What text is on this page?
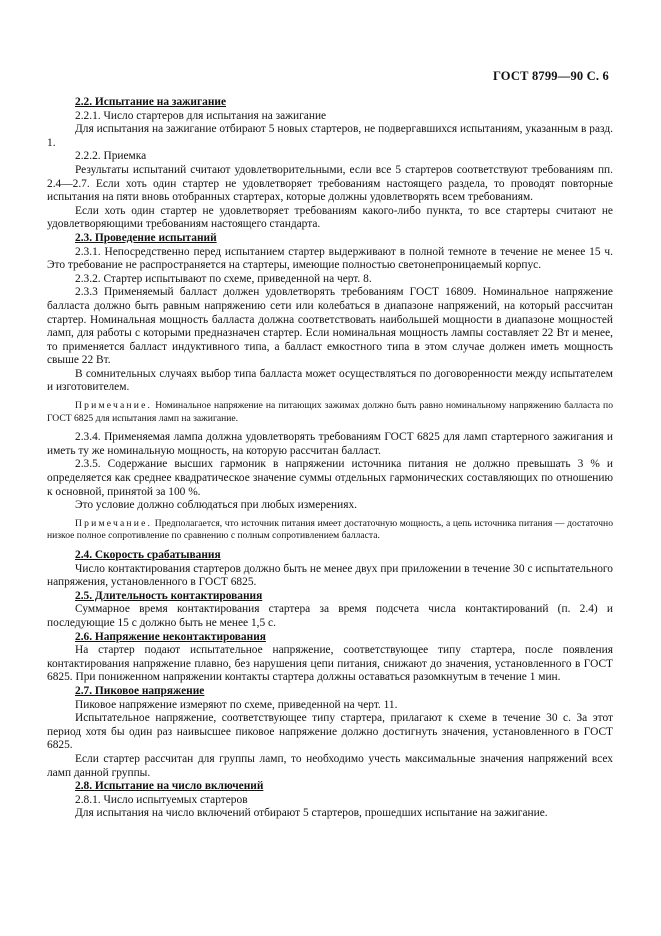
ГОСТ 8799—90 С. 6

2.2. Испытание на зажигание

2.2.1. Число стартеров для испытания на зажигание

Для испытания на зажигание отбирают 5 новых стартеров, не подвергавшихся испытаниям, указанным в разд. 1.

2.2.2. Приемка

Результаты испытаний считают удовлетворительными, если все 5 стартеров соответствуют требованиям пп. 2.4—2.7. Если хоть один стартер не удовлетворяет требованиям настоящего раздела, то проводят повторные испытания на пяти вновь отобранных стартерах, которые должны удовлетворять всем требованиям.

Если хоть один стартер не удовлетворяет требованиям какого-либо пункта, то все стартеры считают не удовлетворяющими требованиям настоящего стандарта.

2.3. Проведение испытаний

2.3.1. Непосредственно перед испытанием стартер выдерживают в полной темноте в течение не менее 15 ч. Это требование не распространяется на стартеры, имеющие полностью светонепроницаемый корпус.

2.3.2. Стартер испытывают по схеме, приведенной на черт. 8.

2.3.3 Применяемый балласт должен удовлетворять требованиям ГОСТ 16809. Номинальное напряжение балласта должно быть равным напряжению сети или колебаться в диапазоне напряжений, на который рассчитан стартер. Номинальная мощность балласта должна соответствовать наибольшей мощности в диапазоне мощностей ламп, для работы с которыми предназначен стартер. Если номинальная мощность лампы составляет 22 Вт и менее, то применяется балласт индуктивного типа, а балласт емкостного типа в этом случае должен иметь мощность свыше 22 Вт.

В сомнительных случаях выбор типа балласта может осуществляться по договоренности между испытателем и изготовителем.

Примечание. Номинальное напряжение на питающих зажимах должно быть равно номинальному напряжению балласта по ГОСТ 6825 для испытания ламп на зажигание.

2.3.4. Применяемая лампа должна удовлетворять требованиям ГОСТ 6825 для ламп стартерного зажигания и иметь ту же номинальную мощность, на которую рассчитан балласт.

2.3.5. Содержание высших гармоник в напряжении источника питания не должно превышать 3 % и определяется как среднее квадратическое значение суммы отдельных гармонических составляющих по отношению к основной, принятой за 100 %.

Это условие должно соблюдаться при любых измерениях.

Примечание. Предполагается, что источник питания имеет достаточную мощность, а цепь источника питания — достаточно низкое полное сопротивление по сравнению с полным сопротивлением балласта.

2.4. Скорость срабатывания

Число контактирования стартеров должно быть не менее двух при приложении в течение 30 с испытательного напряжения, установленного в ГОСТ 6825.

2.5. Длительность контактирования

Суммарное время контактирования стартера за время подсчета числа контактирований (п. 2.4) и последующие 15 с должно быть не менее 1,5 с.

2.6. Напряжение неконтактирования

На стартер подают испытательное напряжение, соответствующее типу стартера, после появления контактирования напряжение плавно, без нарушения цепи питания, снижают до значения, установленного в ГОСТ 6825. При пониженном напряжении контакты стартера должны оставаться разомкнутым в течение 1 мин.

2.7. Пиковое напряжение

Пиковое напряжение измеряют по схеме, приведенной на черт. 11.

Испытательное напряжение, соответствующее типу стартера, прилагают к схеме в течение 30 с. За этот период хотя бы один раз наивысшее пиковое напряжение должно достигнуть значения, установленного в ГОСТ 6825.

Если стартер рассчитан для группы ламп, то необходимо учесть максимальные значения напряжений всех ламп данной группы.

2.8. Испытание на число включений

2.8.1. Число испытуемых стартеров

Для испытания на число включений отбирают 5 стартеров, прошедших испытание на зажигание.
